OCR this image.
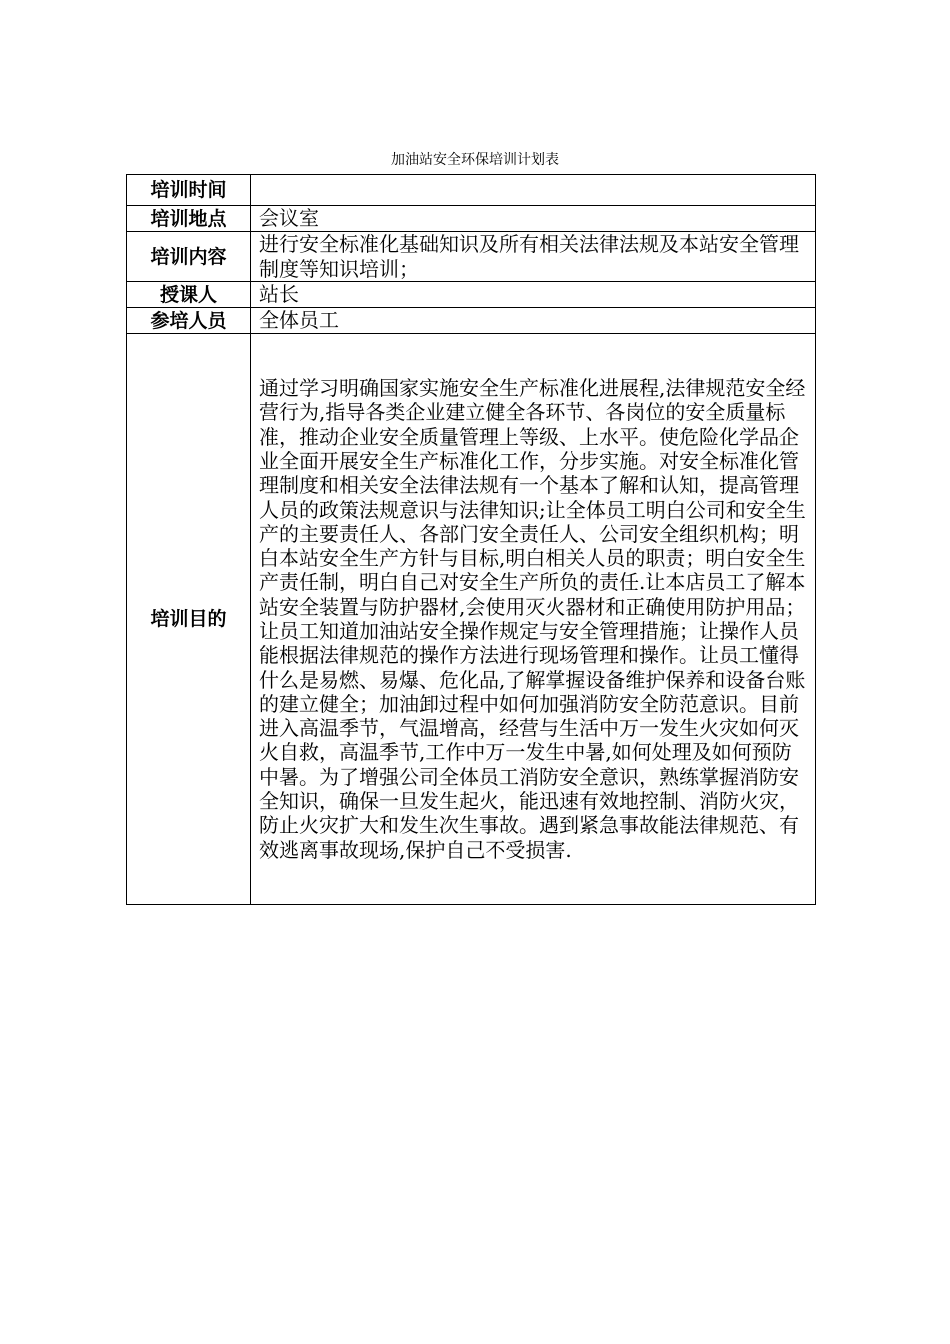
加油站安全环保培训计划表
培训时间	

培训地点	会议室

培训内容	进行安全标准化基础知识及所有相关法律法规及本站安全管理制度等知识培训；

授课人	站长

参培人员	全体员工

培训目的	通过学习明确国家实施安全生产标准化进展程,法律规范安全经营行为,指导各类企业建立健全各环节、各岗位的安全质量标准，推动企业安全质量管理上等级、上水平。使危险化学品企业全面开展安全生产标准化工作，分步实施。对安全标准化管理制度和相关安全法律法规有一个基本了解和认知，提高管理人员的政策法规意识与法律知识;让全体员工明白公司和安全生产的主要责任人、各部门安全责任人、公司安全组织机构；明白本站安全生产方针与目标,明白相关人员的职责；明白安全生产责任制，明白自己对安全生产所负的责任.让本店员工了解本站安全装置与防护器材,会使用灭火器材和正确使用防护用品；让员工知道加油站安全操作规定与安全管理措施；让操作人员能根据法律规范的操作方法进行现场管理和操作。让员工懂得什么是易燃、易爆、危化品,了解掌握设备维护保养和设备台账的建立健全；加油卸过程中如何加强消防安全防范意识。目前进入高温季节，气温增高，经营与生活中万一发生火灾如何灭火自救，高温季节,工作中万一发生中暑,如何处理及如何预防中暑。为了增强公司全体员工消防安全意识，熟练掌握消防安全知识，确保一旦发生起火，能迅速有效地控制、消防火灾，防止火灾扩大和发生次生事故。遇到紧急事故能法律规范、有效逃离事故现场,保护自己不受损害.
